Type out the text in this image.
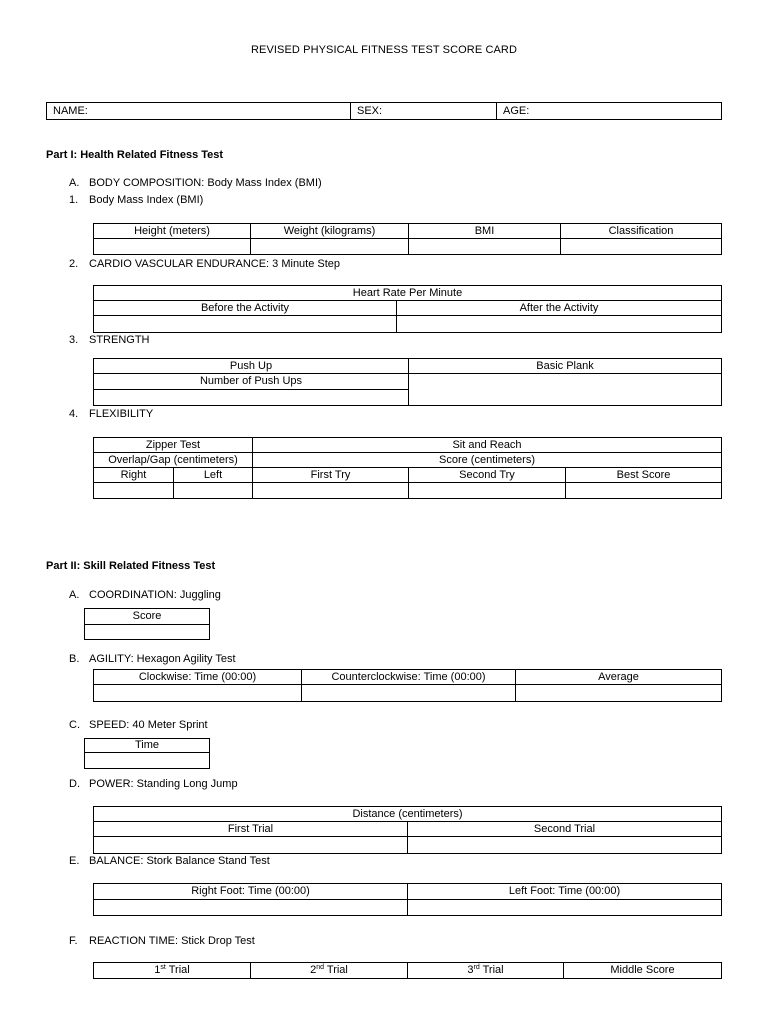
REVISED PHYSICAL FITNESS TEST SCORE CARD
NAME:	SEX:	AGE:
Part I: Health Related Fitness Test
A. BODY COMPOSITION: Body Mass Index (BMI)
1. Body Mass Index (BMI)
Height (meters)	Weight (kilograms)	BMI	Classification

2. CARDIO VASCULAR ENDURANCE: 3 Minute Step
Heart Rate Per Minute	
Before the Activity	After the Activity

3. STRENGTH
Push Up	Basic Plank
Number of Push Ups	

4. FLEXIBILITY
Zipper Test		Sit and Reach		
Overlap/Gap (centimeters)		Score (centimeters)		
Right	Left	First Try	Second Try	Best Score

Part II: Skill Related Fitness Test
A. COORDINATION: Juggling
Score

B. AGILITY: Hexagon Agility Test
Clockwise: Time (00:00)	Counterclockwise: Time (00:00)	Average

C. SPEED: 40 Meter Sprint
Time

D. POWER: Standing Long Jump
Distance (centimeters)	
First Trial	Second Trial

E. BALANCE: Stork Balance Stand Test
Right Foot: Time (00:00)	Left Foot: Time (00:00)

F. REACTION TIME: Stick Drop Test
1st Trial	2nd Trial	3rd Trial	Middle Score
